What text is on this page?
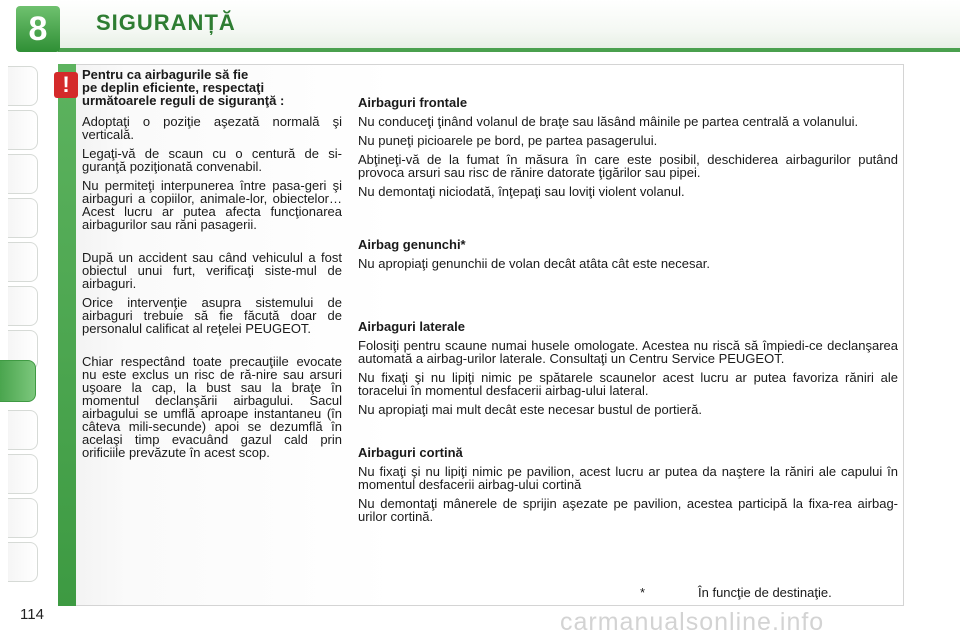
8	SIGURANȚĂ
! Pentru ca airbagurile să fie
pe deplin eficiente, respectaţi
următoarele reguli de siguranţă :
Adoptaţi o poziţie aşezată normală şi verticală.
Legaţi-vă de scaun cu o centură de si-guranţă poziţionată convenabil.
Nu permiteţi interpunerea între pasa-geri şi airbaguri a copiilor, animale-lor, obiectelor… Acest lucru ar putea afecta funcţionarea airbagurilor sau răni pasagerii.
După un accident sau când vehiculul a fost obiectul unui furt, verificaţi siste-mul de airbaguri.
Orice intervenţie asupra sistemului de airbaguri trebuie să fie făcută doar de personalul calificat al reţelei PEUGEOT.
Chiar respectând toate precauţiile evocate nu este exclus un risc de ră-nire sau arsuri uşoare la cap, la bust sau la braţe în momentul declanşării airbagului. Sacul airbagului se umflă aproape instantaneu (în câteva mili-secunde) apoi se dezumflă în acelaşi timp evacuând gazul cald prin orificiile prevăzute în acest scop.
Airbaguri frontale
Nu conduceţi ţinând volanul de braţe sau lăsând mâinile pe partea centrală a volanului.
Nu puneţi picioarele pe bord, pe partea pasagerului.
Abţineţi-vă de la fumat în măsura în care este posibil, deschiderea airbagurilor putând provoca arsuri sau risc de rănire datorate ţigărilor sau pipei.
Nu demontaţi niciodată, înţepaţi sau loviţi violent volanul.
Airbag genunchi*
Nu apropiaţi genunchii de volan decât atâta cât este necesar.
Airbaguri laterale
Folosiţi pentru scaune numai husele omologate. Acestea nu riscă să împiedi-ce declanşarea automată a airbag-urilor laterale. Consultaţi un Centru Service PEUGEOT.
Nu fixaţi şi nu lipiţi nimic pe spătarele scaunelor acest lucru ar putea favoriza răniri ale toracelui în momentul desfacerii airbag-ului lateral.
Nu apropiaţi mai mult decât este necesar bustul de portieră.
Airbaguri cortină
Nu fixaţi şi nu lipiţi nimic pe pavilion, acest lucru ar putea da naştere la răniri ale capului în momentul desfacerii airbag-ului cortină
Nu demontaţi mânerele de sprijin aşezate pe pavilion, acestea participă la fixa-rea airbag-urilor cortină.
*	În funcţie de destinaţie.
114	carmanualsonline.info
